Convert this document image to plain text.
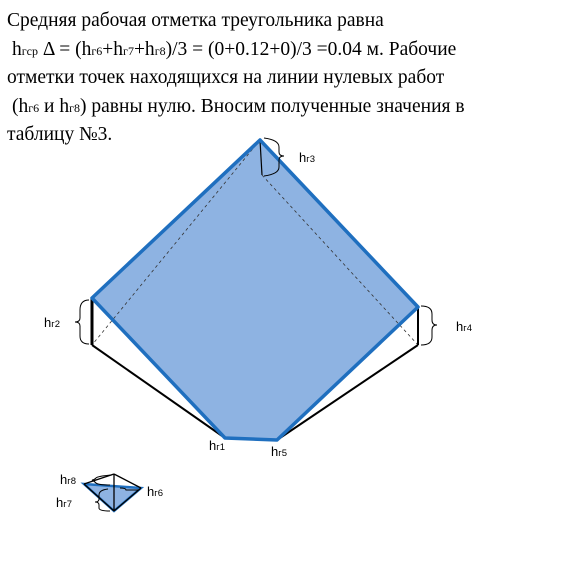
Средняя рабочая отметка треугольника равна
hгср Δ = (hг6+hг7+hг8)/3 = (0+0.12+0)/3 =0.04 м. Рабочие
отметки точек находящихся на линии нулевых работ
(hг6 и hг8) равны нулю. Вносим полученные значения в
таблицу №3.
hг2
hг3
hг4
hг1	hг5
hг8
hг7
hг6
